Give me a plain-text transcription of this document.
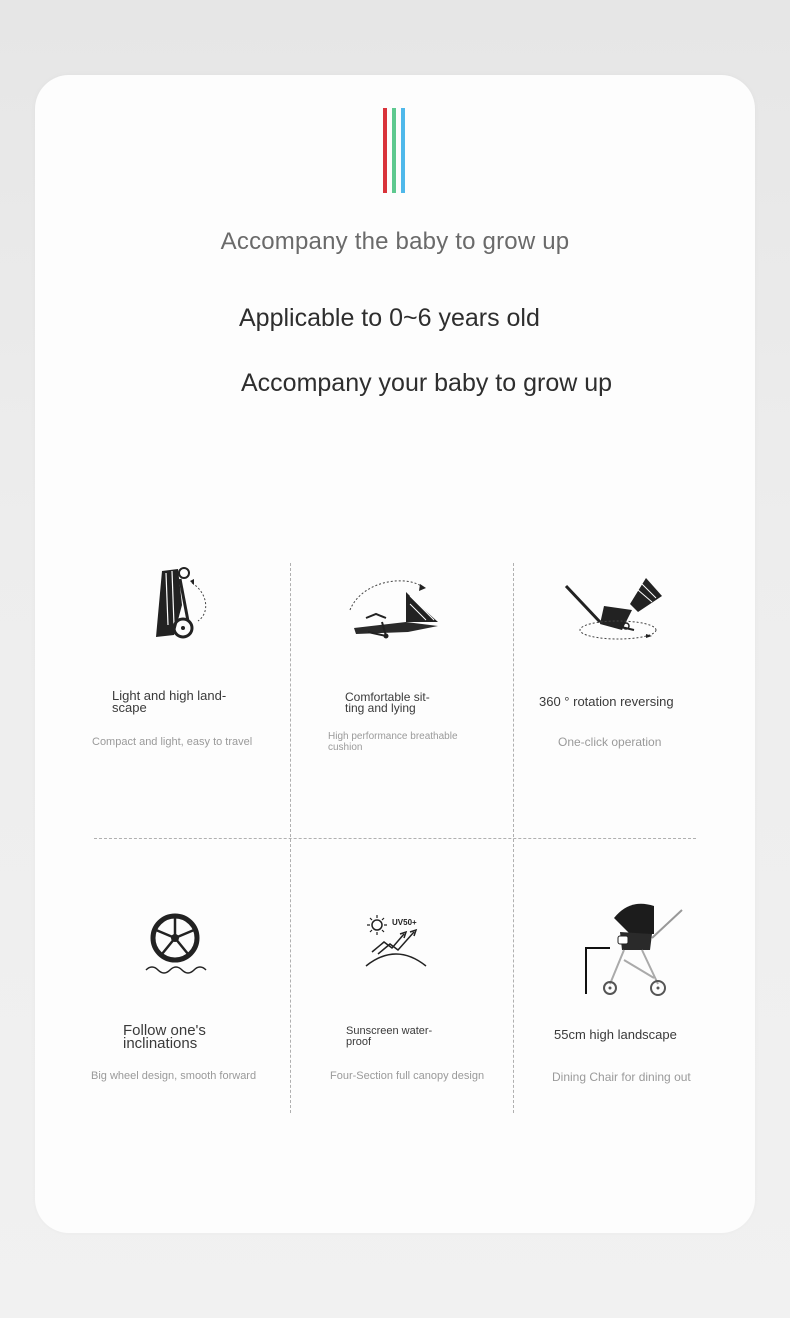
Accompany the baby to grow up
Applicable to 0~6 years old
Accompany your baby to grow up
Light and high land-
scape
Compact and light, easy to travel
Comfortable sit-
ting and lying
High performance breathable
cushion
360 ° rotation reversing
One-click operation
Follow one's
inclinations
Big wheel design, smooth forward
UV50+
Sunscreen water-
proof
Four-Section full canopy design
55cm high landscape
Dining Chair for dining out
